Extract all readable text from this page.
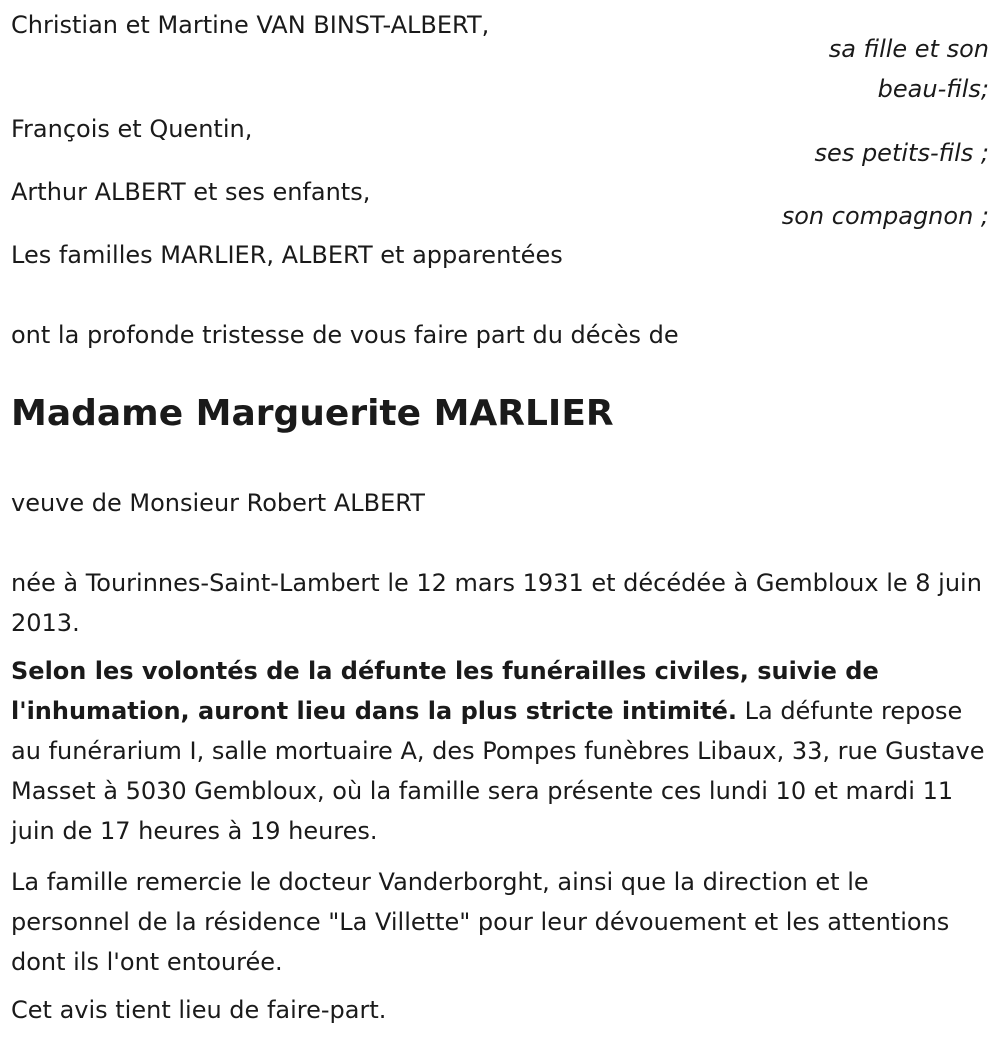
Christian et Martine VAN BINST-ALBERT,
sa fille et son
beau-fils;
François et Quentin,
ses petits-fils ;
Arthur ALBERT et ses enfants,
son compagnon ;
Les familles MARLIER, ALBERT et apparentées
ont la profonde tristesse de vous faire part du décès de
Madame Marguerite MARLIER
veuve de Monsieur Robert ALBERT
née à Tourinnes-Saint-Lambert le 12 mars 1931 et décédée à Gembloux le 8 juin 2013.
Selon les volontés de la défunte les funérailles civiles, suivie de l'inhumation, auront lieu dans la plus stricte intimité. La défunte repose au funérarium I, salle mortuaire A, des Pompes funèbres Libaux, 33, rue Gustave Masset à 5030 Gembloux, où la famille sera présente ces lundi 10 et mardi 11 juin de 17 heures à 19 heures.
La famille remercie le docteur Vanderborght, ainsi que la direction et le personnel de la résidence "La Villette" pour leur dévouement et les attentions dont ils l'ont entourée.
Cet avis tient lieu de faire-part.
